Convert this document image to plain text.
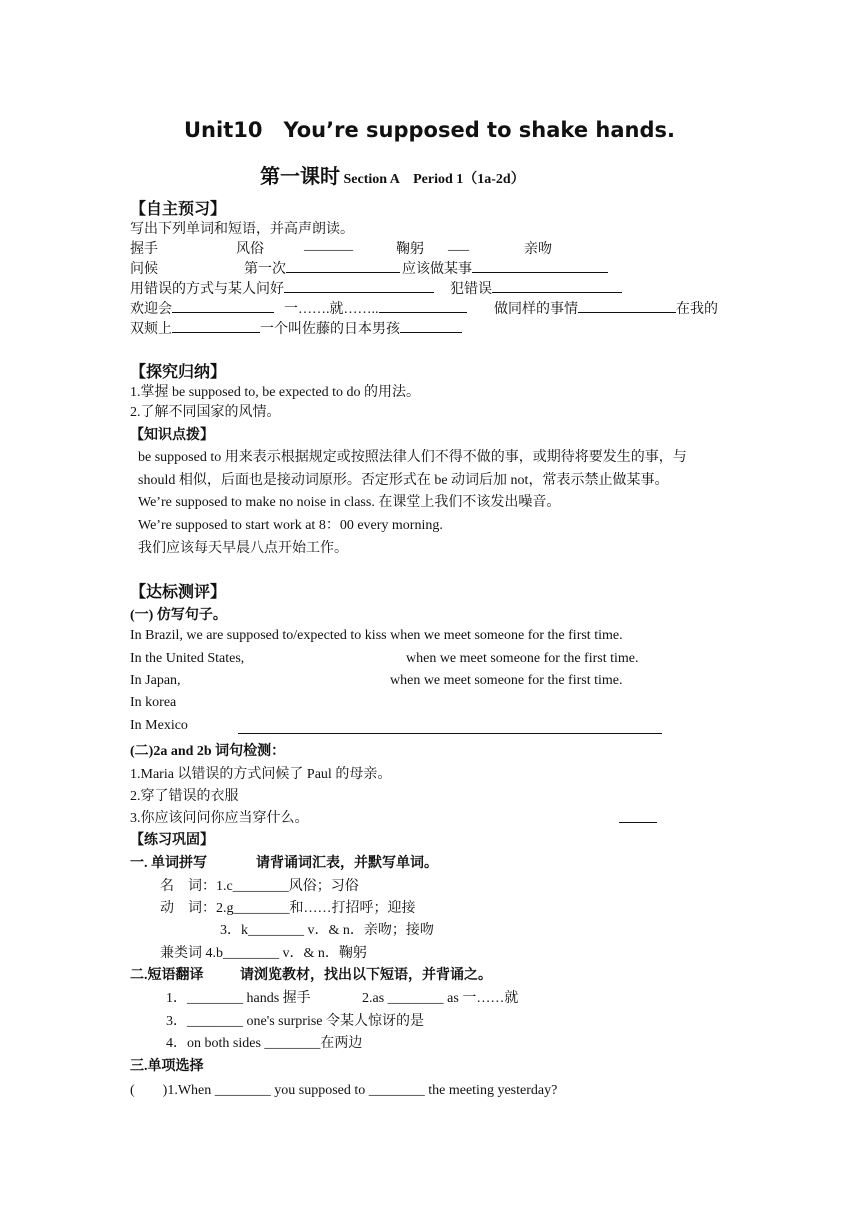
Unit10　You’re supposed to shake hands.
第一课时 Section A　Period 1（1a-2d）
【自主预习】
写出下列单词和短语，并高声朗读。
握手	风俗	_______	鞠躬 ___	亲吻
问候	第一次	应该做某事
用错误的方式与某人问好	犯错误
欢迎会	一…….就……..	做同样的事情	在我的
双颊上	一个叫佐藤的日本男孩
【探究归纳】
1.掌握 be supposed to, be expected to do 的用法。
2.了解不同国家的风情。
【知识点拨】
be supposed to 用来表示根据规定或按照法律人们不得不做的事，或期待将要发生的事，与
should 相似，后面也是接动词原形。否定形式在 be 动词后加 not，常表示禁止做某事。
We’re supposed to make no noise in class. 在课堂上我们不该发出噪音。
We’re supposed to start work at 8：00 every morning.
我们应该每天早晨八点开始工作。
【达标测评】
(一) 仿写句子。
In Brazil, we are supposed to/expected to kiss when we meet someone for the first time.
In the United States,	when we meet someone for the first time.
In Japan,	when we meet someone for the first time.
In korea
In Mexico
(二)2a and 2b 词句检测：
1.Maria 以错误的方式问候了 Paul 的母亲。
2.穿了错误的衣服
3.你应该问问你应当穿什么。
【练习巩固】
一. 单词拼写	请背诵词汇表，并默写单词。
名　词：1.c________风俗；习俗
动　词：2.g________和……打招呼；迎接
3．k________ v．& n．亲吻；接吻
兼类词 4.b________ v．& n．鞠躬
二.短语翻译	请浏览教材，找出以下短语，并背诵之。
1．________ hands 握手	2.as ________ as 一……就
3．________ one's surprise 令某人惊讶的是
4．on both sides ________在两边
三.单项选择
(　　)1.When ________ you supposed to ________ the meeting yesterday?
